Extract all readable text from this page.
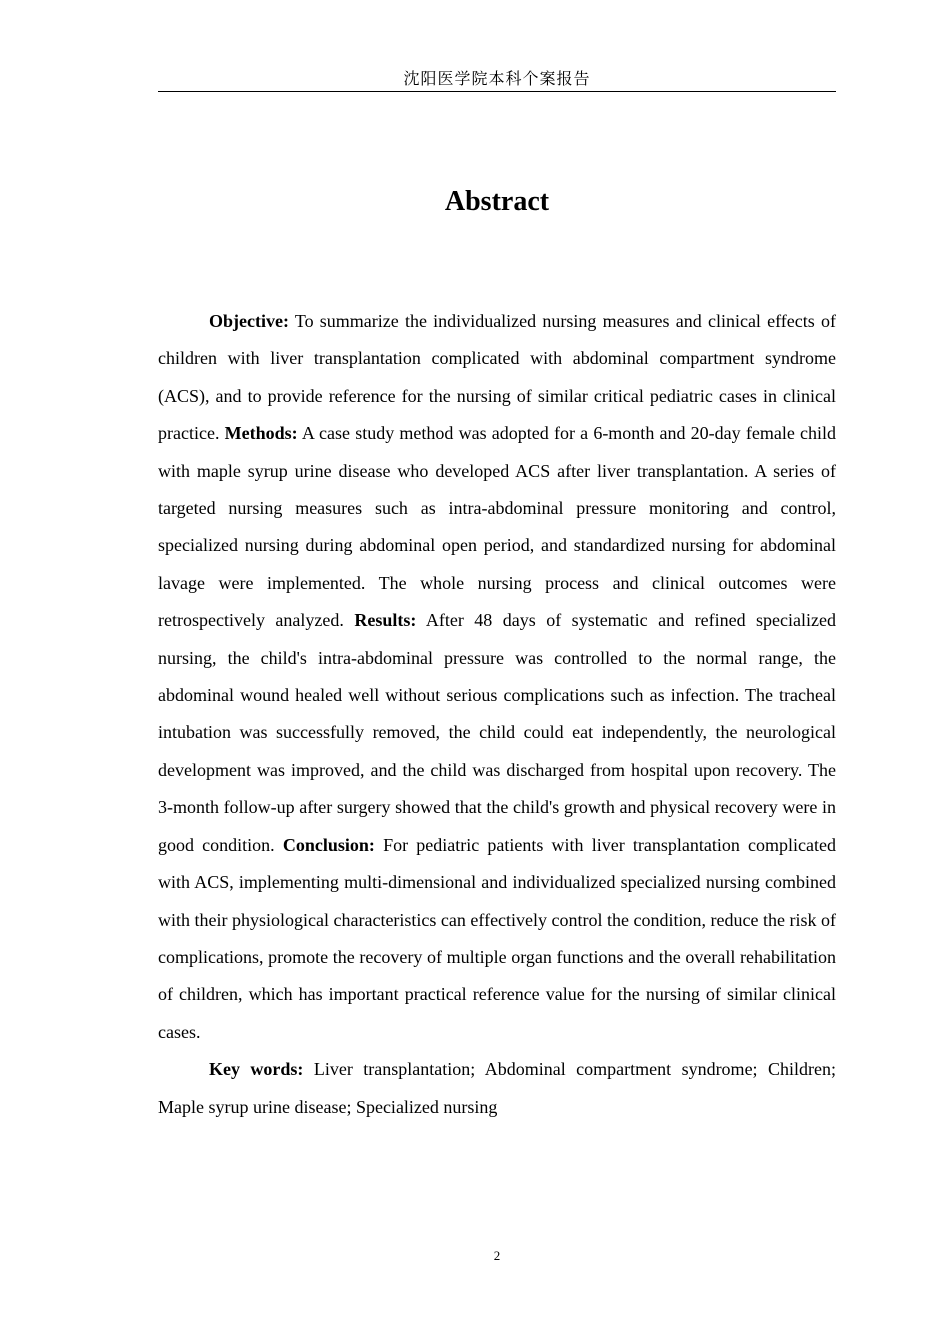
沈阳医学院本科个案报告
Abstract

Objective: To summarize the individualized nursing measures and clinical effects of children with liver transplantation complicated with abdominal compartment syndrome (ACS), and to provide reference for the nursing of similar critical pediatric cases in clinical practice. Methods: A case study method was adopted for a 6-month and 20-day female child with maple syrup urine disease who developed ACS after liver transplantation. A series of targeted nursing measures such as intra-abdominal pressure monitoring and control, specialized nursing during abdominal open period, and standardized nursing for abdominal lavage were implemented. The whole nursing process and clinical outcomes were retrospectively analyzed. Results: After 48 days of systematic and refined specialized nursing, the child's intra-abdominal pressure was controlled to the normal range, the abdominal wound healed well without serious complications such as infection. The tracheal intubation was successfully removed, the child could eat independently, the neurological development was improved, and the child was discharged from hospital upon recovery. The 3-month follow-up after surgery showed that the child's growth and physical recovery were in good condition. Conclusion: For pediatric patients with liver transplantation complicated with ACS, implementing multi-dimensional and individualized specialized nursing combined with their physiological characteristics can effectively control the condition, reduce the risk of complications, promote the recovery of multiple organ functions and the overall rehabilitation of children, which has important practical reference value for the nursing of similar clinical cases.

Key words: Liver transplantation; Abdominal compartment syndrome; Children; Maple syrup urine disease; Specialized nursing

2
